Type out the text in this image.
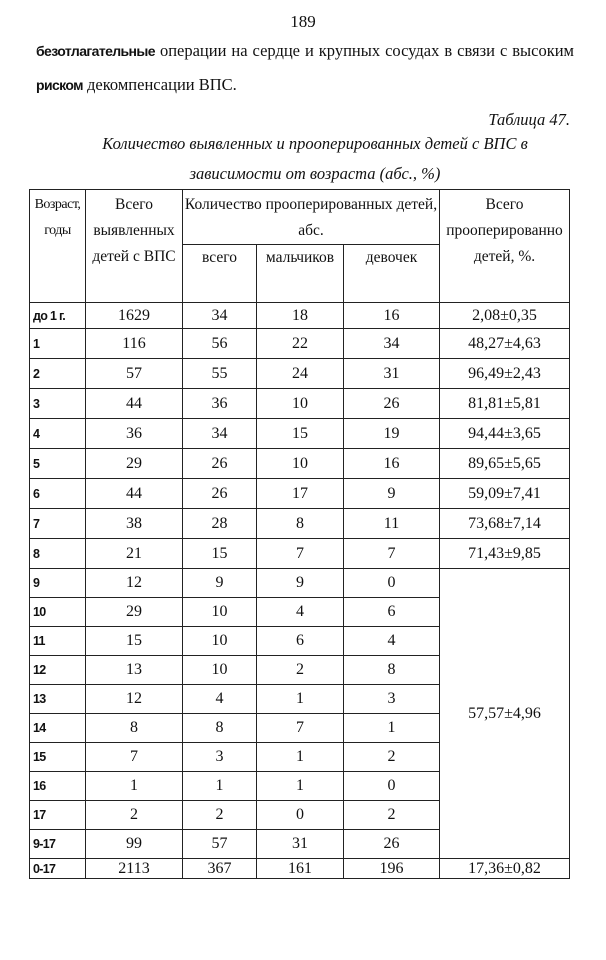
189
безотлагательные операции на сердце и крупных сосудах в связи с высоким
риском декомпенсации ВПС.
Таблица 47.
Количество выявленных и прооперированных детей с ВПС в
зависимости от возраста (абс., %)
Возраст, годы	Всего выявленных детей с ВПС	Количество прооперированных детей, абс.			Всего прооперированно детей, %.
		всего	мальчиков	девочек	
до 1 г.	1629	34	18	16	2,08±0,35
1	116	56	22	34	48,27±4,63
2	57	55	24	31	96,49±2,43
3	44	36	10	26	81,81±5,81
4	36	34	15	19	94,44±3,65
5	29	26	10	16	89,65±5,65
6	44	26	17	9	59,09±7,41
7	38	28	8	11	73,68±7,14
8	21	15	7	7	71,43±9,85
9	12	9	9	0	57,57±4,96
10	29	10	4	6	
11	15	10	6	4	
12	13	10	2	8	
13	12	4	1	3	
14	8	8	7	1	
15	7	3	1	2	
16	1	1	1	0	
17	2	2	0	2	
9-17	99	57	31	26	
0-17	2113	367	161	196	17,36±0,82
